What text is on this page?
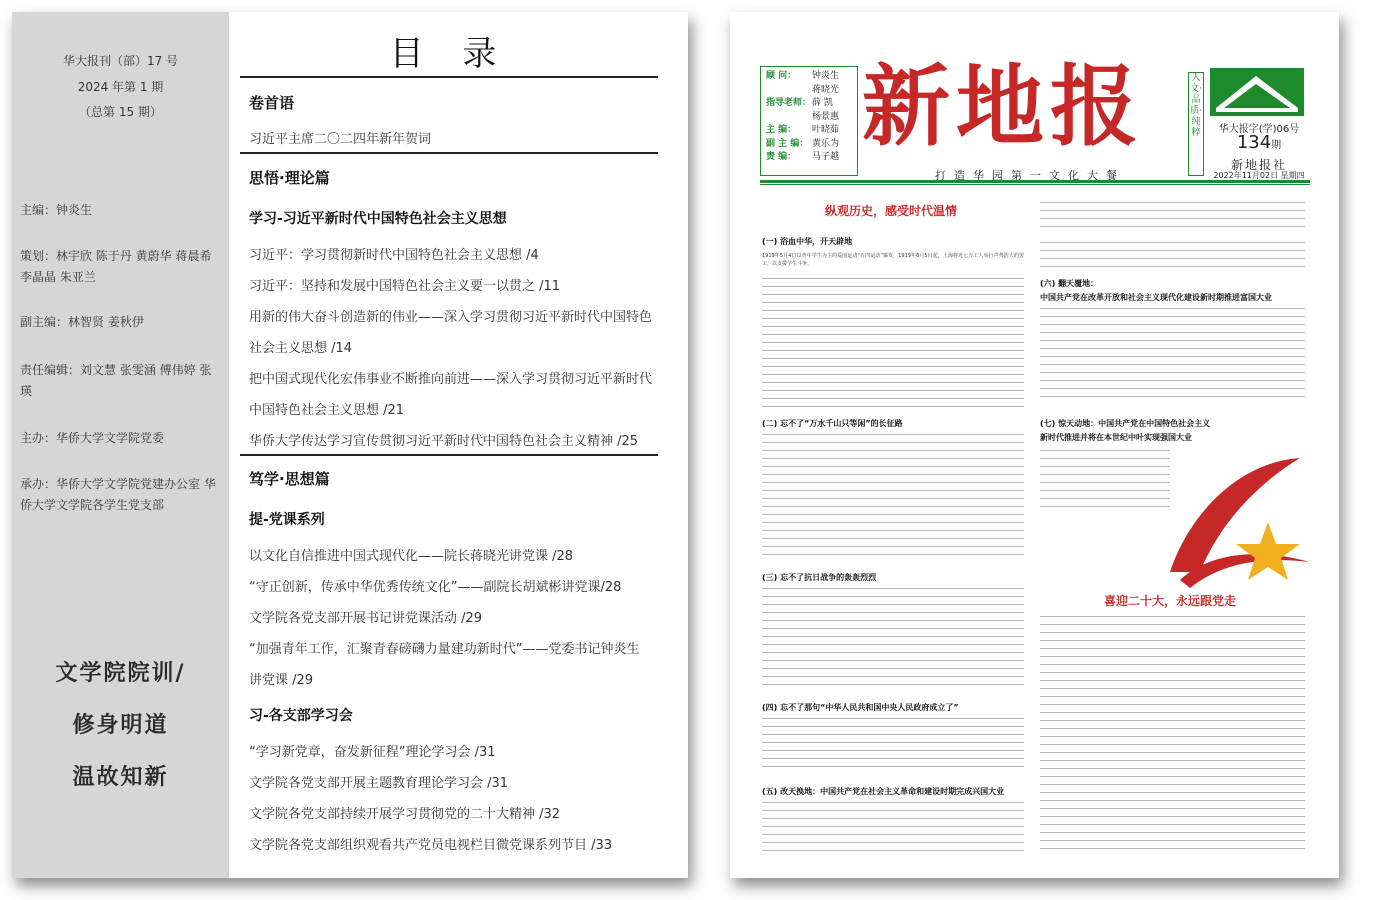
华大报刊（部）17 号
2024 年第 1 期
（总第 15 期）
主编：钟炎生
策划：林宇欣 陈于丹 黄蔚华 蒋晨希 李晶晶 朱亚兰
副主编：林智贤 姜秋伊
责任编辑：刘文慧 张雯涵 傅伟婷 张瑛
主办：华侨大学文学院党委
承办：华侨大学文学院党建办公室 华侨大学文学院各学生党支部
文学院院训/
修身明道
温故知新
目 录
卷首语
习近平主席二〇二四年新年贺词
思悟·理论篇
学习-习近平新时代中国特色社会主义思想
习近平：学习贯彻新时代中国特色社会主义思想 /4
习近平：坚持和发展中国特色社会主义要一以贯之 /11
用新的伟大奋斗创造新的伟业——深入学习贯彻习近平新时代中国特色
社会主义思想 /14
把中国式现代化宏伟事业不断推向前进——深入学习贯彻习近平新时代
中国特色社会主义思想 /21
华侨大学传达学习宣传贯彻习近平新时代中国特色社会主义精神 /25
笃学·思想篇
提-党课系列
以文化自信推进中国式现代化——院长蒋晓光讲党课 /28
“守正创新，传承中华优秀传统文化”——副院长胡斌彬讲党课/28
文学院各党支部开展书记讲党课活动 /29
“加强青年工作，汇聚青春磅礴力量建功新时代”——党委书记钟炎生
讲党课 /29
习-各支部学习会
“学习新党章，奋发新征程”理论学习会 /31
文学院各党支部开展主题教育理论学习会 /31
文学院各党支部持续开展学习贯彻党的二十大精神 /32
文学院各党支部组织观看共产党员电视栏目微党课系列节目 /33
顾 问： 钟炎生
蒋晓光
指导老师：薛 凯
杨景惠
主 编： 叶晓茹
副 主 编： 黄乐为
责 编： 马子越 新地报
打造华园第一文化大餐
人文·品质·纯粹	华大报字(学)06号
134期
新地报社
2022年11月02日 星期四
纵观历史，感受时代温情
(一) 浴血中华，开天辟地
1919年5月4日以青年学生为主的爱国运动“五四运动”爆发，1919年6月5日起，上海将近七万工人举行声势浩大的罢工，以支援学生斗争。
(二) 忘不了“万水千山只等闲”的长征路
(三) 忘不了抗日战争的轰轰烈烈
(四) 忘不了那句“中华人民共和国中央人民政府成立了”
(五) 改天换地：中国共产党在社会主义革命和建设时期完成兴国大业
(六) 翻天覆地：
中国共产党在改革开放和社会主义现代化建设新时期推进富国大业
(七) 惊天动地：中国共产党在中国特色社会主义
新时代推进并将在本世纪中叶实现强国大业
喜迎二十大，永远跟党走
